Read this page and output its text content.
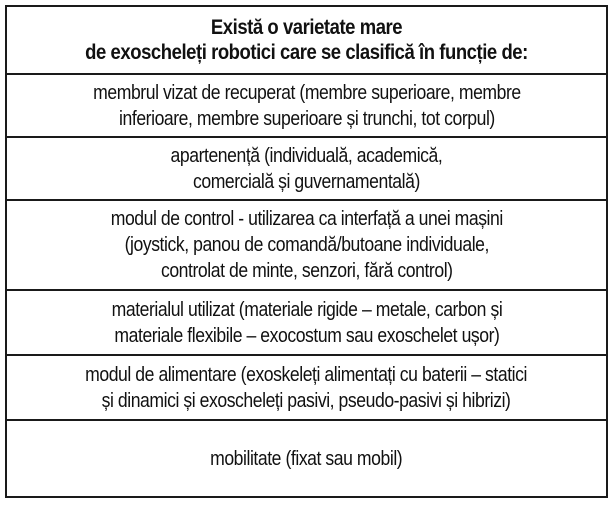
Există o varietate mare
de exoscheleți robotici care se clasifică în funcție de:
membrul vizat de recuperat (membre superioare, membre
inferioare, membre superioare și trunchi, tot corpul)
apartenență (individuală, academică,
comercială și guvernamentală)
modul de control - utilizarea ca interfață a unei mașini
(joystick, panou de comandă/butoane individuale,
controlat de minte, senzori, fără control)
materialul utilizat (materiale rigide – metale, carbon și
materiale flexibile – exocostum sau exoschelet ușor)
modul de alimentare (exoskeleți alimentați cu baterii – statici
și dinamici și exoscheleți pasivi, pseudo-pasivi și hibrizi)
mobilitate (fixat sau mobil)
